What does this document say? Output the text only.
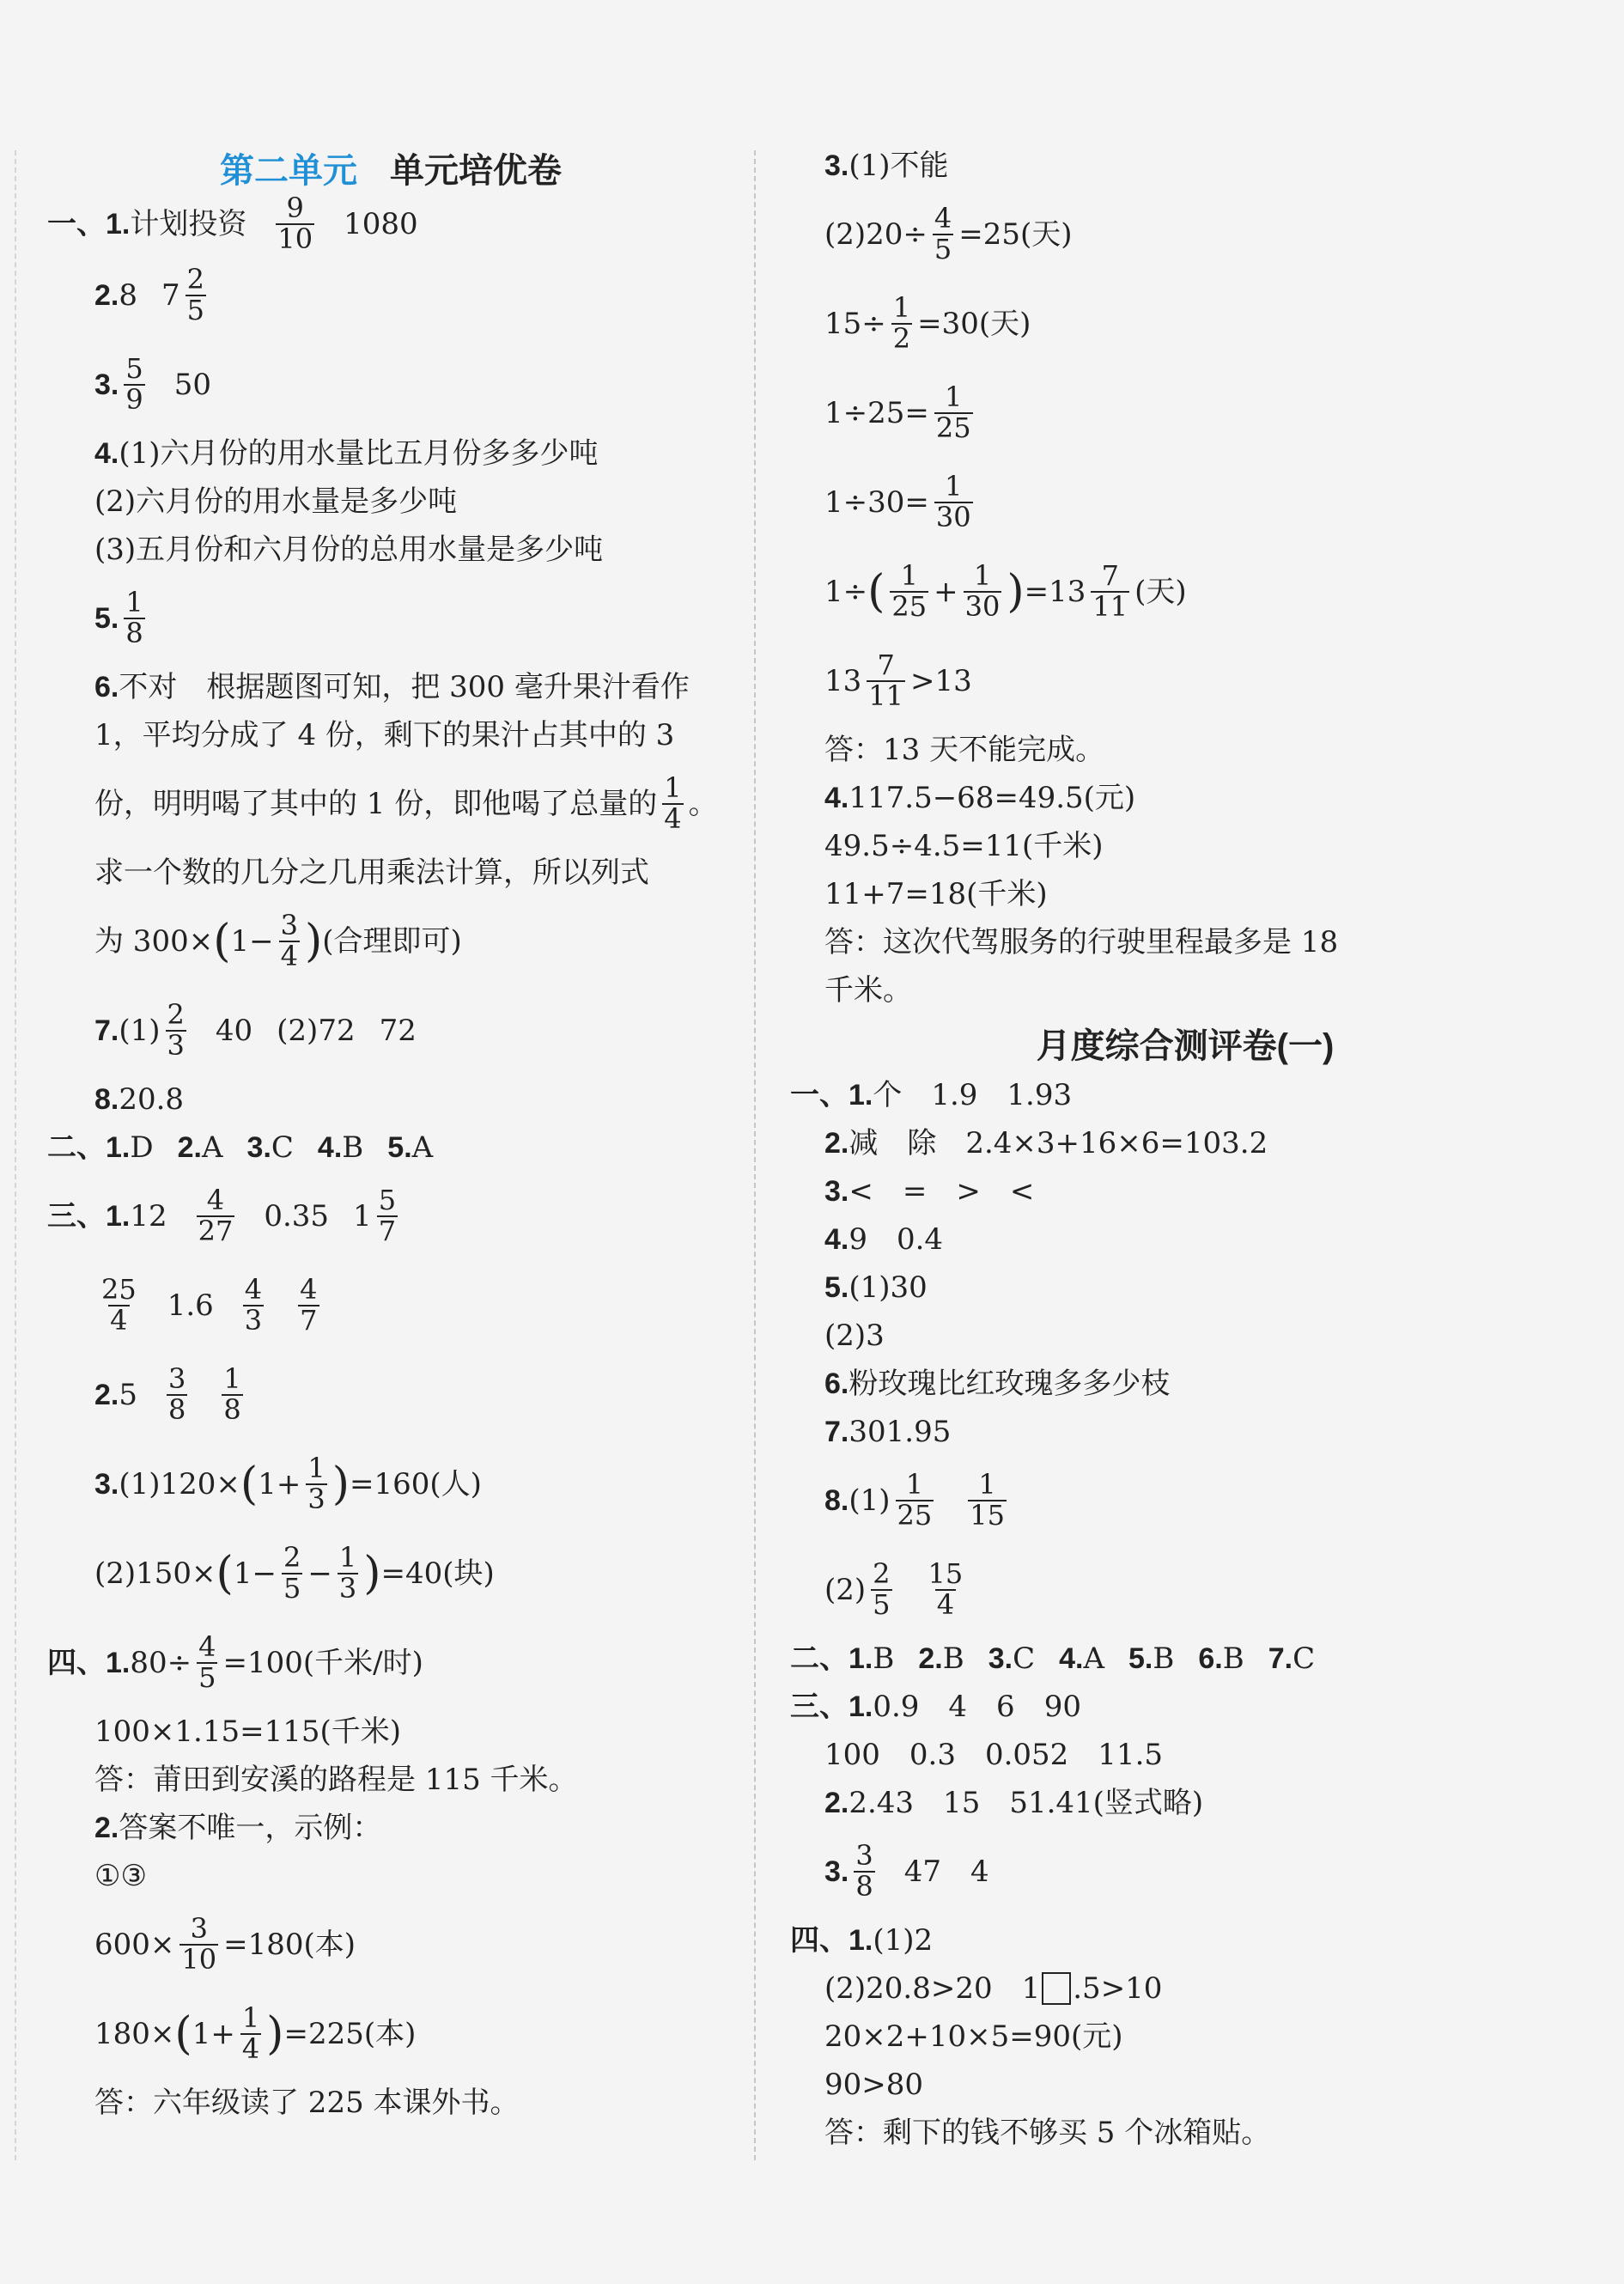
第二单元 单元培优卷
一、 1. 计划投资 $\frac{9}{10} 1080$
2. 8 $7 \frac{2}{5}$
3. $\frac{5}{9} 50$
4. (1)六月份的用水量比五月份多多少吨
(2)六月份的用水量是多少吨
(3)五月份和六月份的总用水量是多少吨
5. $\frac{1}{8}$
6. 不对　根据题图可知，把 300 毫升果汁看作
1，平均分成了 4 份，剩下的果汁占其中的 3
份，明明喝了其中的 1 份，即他喝了总量的 $\frac{1}{4}$ 。
求一个数的几分之几用乘法计算，所以列式
为 300× ( $1- \frac{3}{4}$ ) (合理即可)
7. $(1) \frac{2}{3} 40$ (2)72 72
8. 20.8
二、 1. D 2. A 3. C 4. B 5. A
三、 1. $12 \frac{4}{27} 0.35$ $1 \frac{5}{7}$
$\frac{25}{4} 1.6 \frac{4}{3} \frac{4}{7}$
2. $5 \frac{3}{8} \frac{1}{8}$
3. (1)120× ( $1+ \frac{1}{3}$ ) =160(人)
(2)150× ( $1- \frac{2}{5} - \frac{1}{3}$ ) =40(块)
四、 1. $80\div \frac{4}{5} =100$(千米/时)
100×1.15=115(千米)
答：莆田到安溪的路程是 115 千米。
2. 答案不唯一，示例：
①③
$600\times \frac{3}{10} =180$(本)
180× ( $1+ \frac{1}{4}$ ) =225(本)
答：六年级读了 225 本课外书。
3. (1)不能
$(2)20\div \frac{4}{5} =25$(天)
$15\div \frac{1}{2} =30$(天)
$1\div 25= \frac{1}{25}$
$1\div 30= \frac{1}{30}$
1÷ ( $\frac{1}{25} + \frac{1}{30}$ ) $=13 \frac{7}{11}$ (天)
$13 \frac{7}{11} >13$
答：13 天不能完成。
4. 117.5−68=49.5(元)
49.5÷4.5=11(千米)
11+7=18(千米)
答：这次代驾服务的行驶里程最多是 18
千米。
月度综合测评卷(一)
一、 1. 个　1.9　1.93
2. 减　除　2.4×3+16×6=103.2
3. <　=　>　<
4. 9　0.4
5. (1)30
(2)3
6. 粉玫瑰比红玫瑰多多少枝
7. 301.95
8. $(1) \frac{1}{25} \frac{1}{15}$
$(2) \frac{2}{5} \frac{15}{4}$
二、 1. B 2. B 3. C 4. A 5. B 6. B 7. C
三、 1. 0.9　4　6　90
100　0.3　0.052　11.5
2. 2.43　15　51.41(竖式略)
3. $\frac{3}{8} 47$　4
四、 1. (1)2
(2)20.8>20　1 .5>10
20×2+10×5=90(元)
90>80
答：剩下的钱不够买 5 个冰箱贴。
